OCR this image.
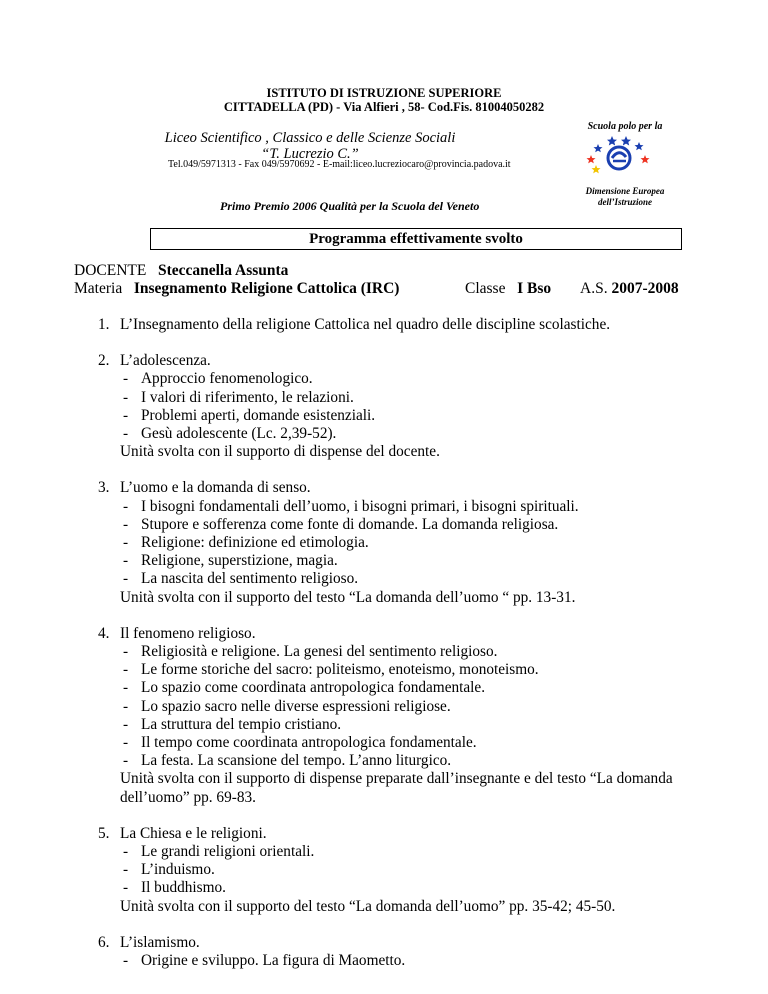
ISTITUTO DI ISTRUZIONE SUPERIORE
CITTADELLA (PD) - Via Alfieri , 58- Cod.Fis. 81004050282
Scuola polo per la
Liceo Scientifico , Classico e delle Scienze Sociali
“T. Lucrezio C.”
Tel.049/5971313 - Fax 049/5970692 - E-mail:liceo.lucreziocaro@provincia.padova.it
Dimensione Europea
dell’Istruzione
Primo Premio 2006 Qualità per la Scuola del Veneto
Programma effettivamente svolto
DOCENTE Steccanella Assunta
Materia Insegnamento Religione Cattolica (IRC)	Classe I Bso A.S. 2007-2008
1. L’Insegnamento della religione Cattolica nel quadro delle discipline scolastiche.
2. L’adolescenza.
- Approccio fenomenologico.
- I valori di riferimento, le relazioni.
- Problemi aperti, domande esistenziali.
- Gesù adolescente (Lc. 2,39-52).
Unità svolta con il supporto di dispense del docente.
3. L’uomo e la domanda di senso.
- I bisogni fondamentali dell’uomo, i bisogni primari, i bisogni spirituali.
- Stupore e sofferenza come fonte di domande. La domanda religiosa.
- Religione: definizione ed etimologia.
- Religione, superstizione, magia.
- La nascita del sentimento religioso.
Unità svolta con il supporto del testo “La domanda dell’uomo “ pp. 13-31.
4. Il fenomeno religioso.
- Religiosità e religione. La genesi del sentimento religioso.
- Le forme storiche del sacro: politeismo, enoteismo, monoteismo.
- Lo spazio come coordinata antropologica fondamentale.
- Lo spazio sacro nelle diverse espressioni religiose.
- La struttura del tempio cristiano.
- Il tempo come coordinata antropologica fondamentale.
- La festa. La scansione del tempo. L’anno liturgico.
Unità svolta con il supporto di dispense preparate dall’insegnante e del testo “La domanda dell’uomo” pp. 69-83.
5. La Chiesa e le religioni.
- Le grandi religioni orientali.
- L’induismo.
- Il buddhismo.
Unità svolta con il supporto del testo “La domanda dell’uomo” pp. 35-42; 45-50.
6. L’islamismo.
- Origine e sviluppo. La figura di Maometto.
